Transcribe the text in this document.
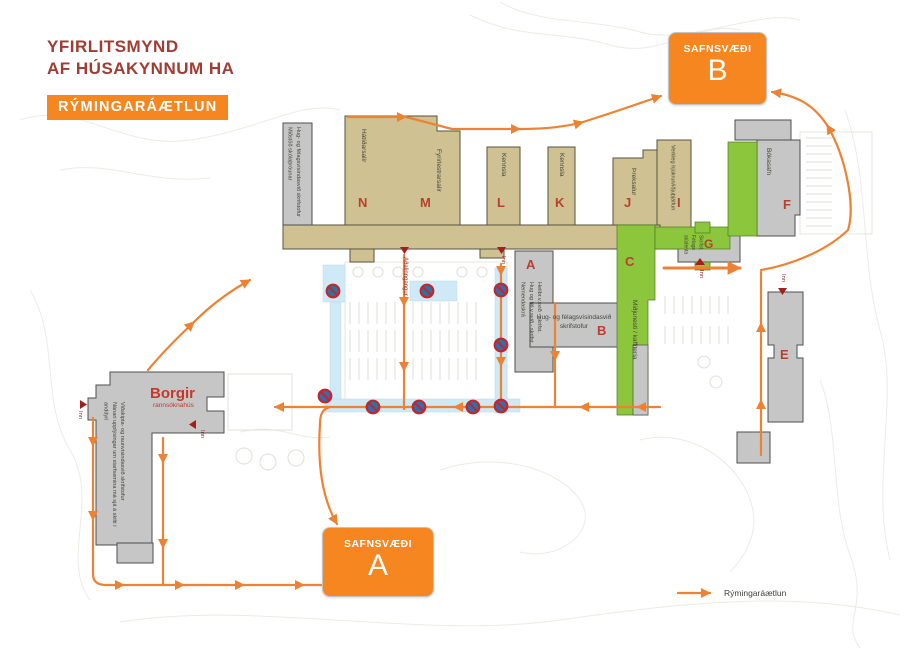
YFIRLITSMYND
AF HÚSAKYNNUM HA
RÝMINGARÁÆTLUN
SAFNSVÆÐI
B
SAFNSVÆÐI
A
N	M	L	K	J	I	F
G
C
A
B
E
Hug- og félagsvísindasvið skrifstofur
Miðstöð skólaþróunar	Hátíðarsalir
Fyrirlestrarsalir	Kennsla	Kennsla
Þreksalur	Verkleg hjúkrun/iðjuþjálfun	Bókasafn
Skrifst. Félags stúdenta
Miðjunesti / kaffitería
Nemendaskrá Hug og fél.v.svið - skrifst. Heilbr.v.svið - skrifst.
Hug- og félagsvísindasvið skrifstofur
Borgir
rannsóknahús
Viðskipta- og raunvísindasvið skrifstofur
Nánari upplýsingar um starfsemina má sjá á skilti í anddyri
Aðalinngangur	Inn
Inn	Inn
Inn
Inn
Rýmingaráætlun
